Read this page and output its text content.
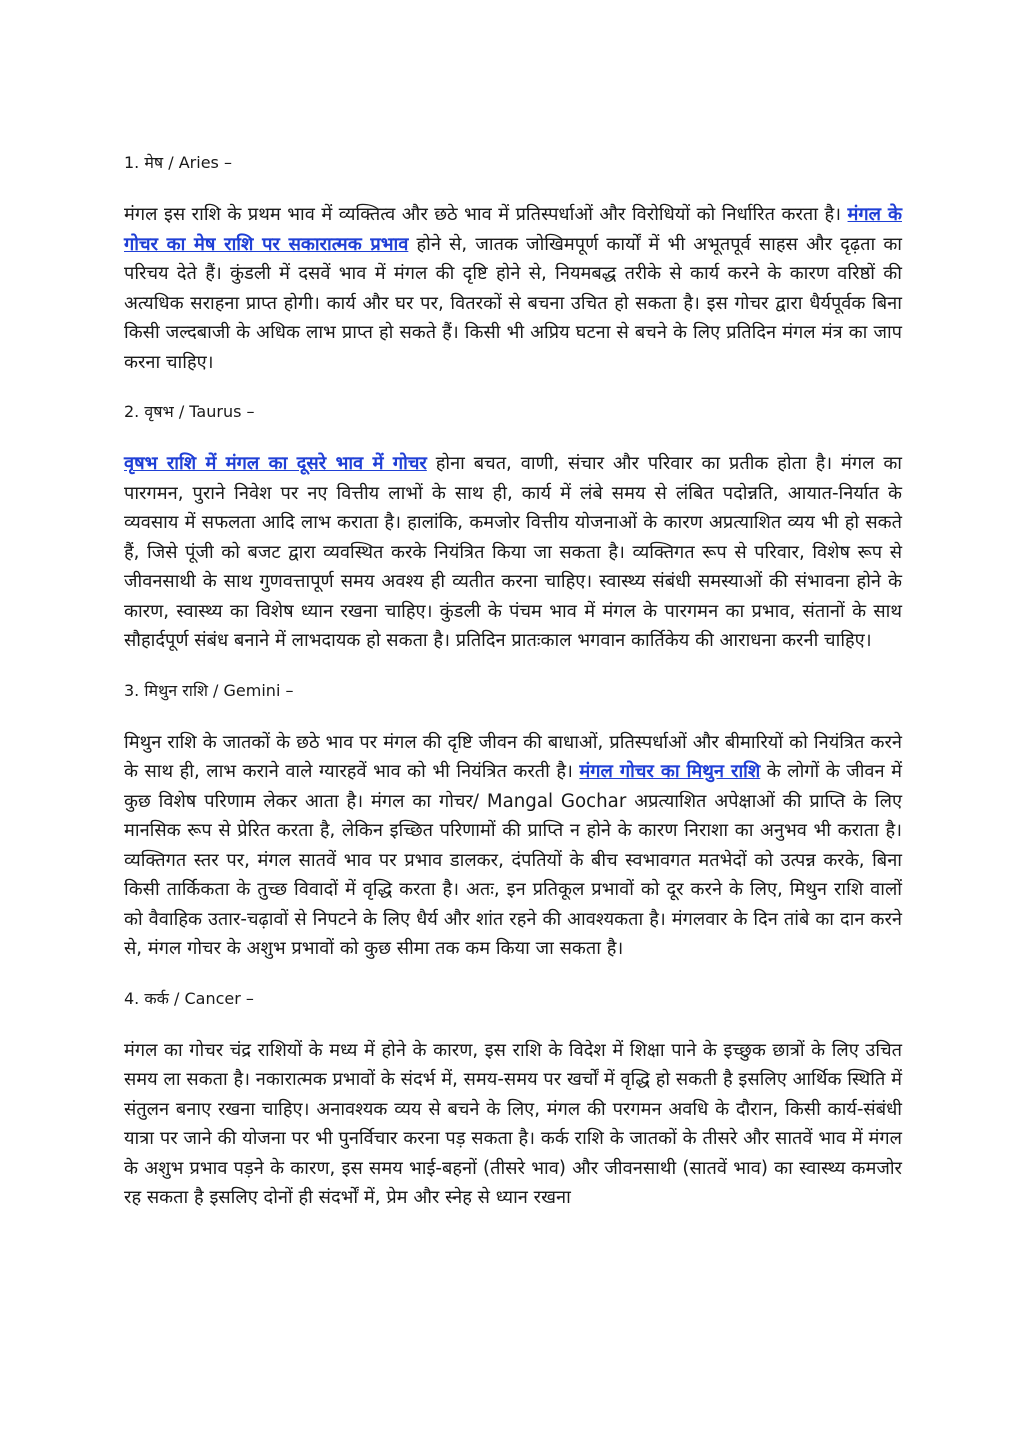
1. मेष / Aries –

मंगल इस राशि के प्रथम भाव में व्यक्तित्व और छठे भाव में प्रतिस्पर्धाओं और विरोधियों को निर्धारित करता है। मंगल के गोचर का मेष राशि पर सकारात्मक प्रभाव होने से, जातक जोखिमपूर्ण कार्यों में भी अभूतपूर्व साहस और दृढ़ता का परिचय देते हैं। कुंडली में दसवें भाव में मंगल की दृष्टि होने से, नियमबद्ध तरीके से कार्य करने के कारण वरिष्ठों की अत्यधिक सराहना प्राप्त होगी। कार्य और घर पर, वितरकों से बचना उचित हो सकता है। इस गोचर द्वारा धैर्यपूर्वक बिना किसी जल्दबाजी के अधिक लाभ प्राप्त हो सकते हैं। किसी भी अप्रिय घटना से बचने के लिए प्रतिदिन मंगल मंत्र का जाप करना चाहिए।

2. वृषभ / Taurus –

वृषभ राशि में मंगल का दूसरे भाव में गोचर होना बचत, वाणी, संचार और परिवार का प्रतीक होता है। मंगल का पारगमन, पुराने निवेश पर नए वित्तीय लाभों के साथ ही, कार्य में लंबे समय से लंबित पदोन्नति, आयात-निर्यात के व्यवसाय में सफलता आदि लाभ कराता है। हालांकि, कमजोर वित्तीय योजनाओं के कारण अप्रत्याशित व्यय भी हो सकते हैं, जिसे पूंजी को बजट द्वारा व्यवस्थित करके नियंत्रित किया जा सकता है। व्यक्तिगत रूप से परिवार, विशेष रूप से जीवनसाथी के साथ गुणवत्तापूर्ण समय अवश्य ही व्यतीत करना चाहिए। स्वास्थ्य संबंधी समस्याओं की संभावना होने के कारण, स्वास्थ्य का विशेष ध्यान रखना चाहिए। कुंडली के पंचम भाव में मंगल के पारगमन का प्रभाव, संतानों के साथ सौहार्दपूर्ण संबंध बनाने में लाभदायक हो सकता है। प्रतिदिन प्रातःकाल भगवान कार्तिकेय की आराधना करनी चाहिए।

3. मिथुन राशि / Gemini –

मिथुन राशि के जातकों के छठे भाव पर मंगल की दृष्टि जीवन की बाधाओं, प्रतिस्पर्धाओं और बीमारियों को नियंत्रित करने के साथ ही, लाभ कराने वाले ग्यारहवें भाव को भी नियंत्रित करती है। मंगल गोचर का मिथुन राशि के लोगों के जीवन में कुछ विशेष परिणाम लेकर आता है। मंगल का गोचर/ Mangal Gochar अप्रत्याशित अपेक्षाओं की प्राप्ति के लिए मानसिक रूप से प्रेरित करता है, लेकिन इच्छित परिणामों की प्राप्ति न होने के कारण निराशा का अनुभव भी कराता है। व्यक्तिगत स्तर पर, मंगल सातवें भाव पर प्रभाव डालकर, दंपतियों के बीच स्वभावगत मतभेदों को उत्पन्न करके, बिना किसी तार्किकता के तुच्छ विवादों में वृद्धि करता है। अतः, इन प्रतिकूल प्रभावों को दूर करने के लिए, मिथुन राशि वालों को वैवाहिक उतार-चढ़ावों से निपटने के लिए धैर्य और शांत रहने की आवश्यकता है। मंगलवार के दिन तांबे का दान करने से, मंगल गोचर के अशुभ प्रभावों को कुछ सीमा तक कम किया जा सकता है।

4. कर्क / Cancer –

मंगल का गोचर चंद्र राशियों के मध्य में होने के कारण, इस राशि के विदेश में शिक्षा पाने के इच्छुक छात्रों के लिए उचित समय ला सकता है। नकारात्मक प्रभावों के संदर्भ में, समय-समय पर खर्चों में वृद्धि हो सकती है इसलिए आर्थिक स्थिति में संतुलन बनाए रखना चाहिए। अनावश्यक व्यय से बचने के लिए, मंगल की परगमन अवधि के दौरान, किसी कार्य-संबंधी यात्रा पर जाने की योजना पर भी पुनर्विचार करना पड़ सकता है। कर्क राशि के जातकों के तीसरे और सातवें भाव में मंगल के अशुभ प्रभाव पड़ने के कारण, इस समय भाई-बहनों (तीसरे भाव) और जीवनसाथी (सातवें भाव) का स्वास्थ्य कमजोर रह सकता है इसलिए दोनों ही संदर्भों में, प्रेम और स्नेह से ध्यान रखना
